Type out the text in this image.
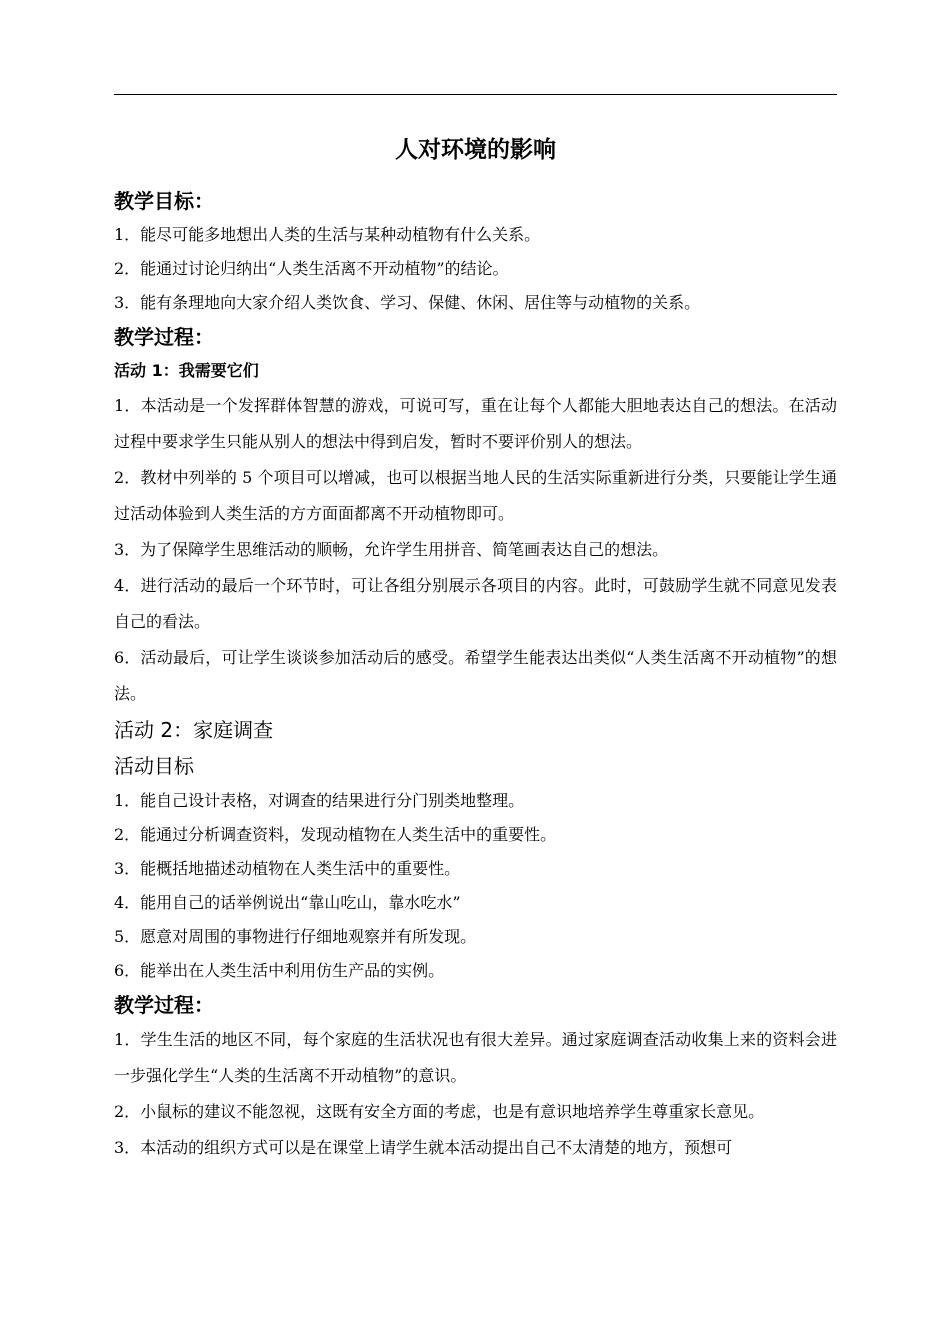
人对环境的影响
教学目标：
1．能尽可能多地想出人类的生活与某种动植物有什么关系。
2．能通过讨论归纳出“人类生活离不开动植物”的结论。
3．能有条理地向大家介绍人类饮食、学习、保健、休闲、居住等与动植物的关系。
教学过程：
活动 1：我需要它们
1．本活动是一个发挥群体智慧的游戏，可说可写，重在让每个人都能大胆地表达自己的想法。在活动过程中要求学生只能从别人的想法中得到启发，暂时不要评价别人的想法。
2．教材中列举的 5 个项目可以增减，也可以根据当地人民的生活实际重新进行分类，只要能让学生通过活动体验到人类生活的方方面面都离不开动植物即可。
3．为了保障学生思维活动的顺畅，允许学生用拼音、简笔画表达自己的想法。
4．进行活动的最后一个环节时，可让各组分别展示各项目的内容。此时，可鼓励学生就不同意见发表自己的看法。
6．活动最后，可让学生谈谈参加活动后的感受。希望学生能表达出类似“人类生活离不开动植物”的想法。
活动 2：家庭调查
活动目标
1．能自己设计表格，对调查的结果进行分门别类地整理。
2．能通过分析调查资料，发现动植物在人类生活中的重要性。
3．能概括地描述动植物在人类生活中的重要性。
4．能用自己的话举例说出“靠山吃山，靠水吃水”
5．愿意对周围的事物进行仔细地观察并有所发现。
6．能举出在人类生活中利用仿生产品的实例。
教学过程：
1．学生生活的地区不同，每个家庭的生活状况也有很大差异。通过家庭调查活动收集上来的资料会进一步强化学生“人类的生活离不开动植物”的意识。
2．小鼠标的建议不能忽视，这既有安全方面的考虑，也是有意识地培养学生尊重家长意见。
3．本活动的组织方式可以是在课堂上请学生就本活动提出自己不太清楚的地方，预想可
